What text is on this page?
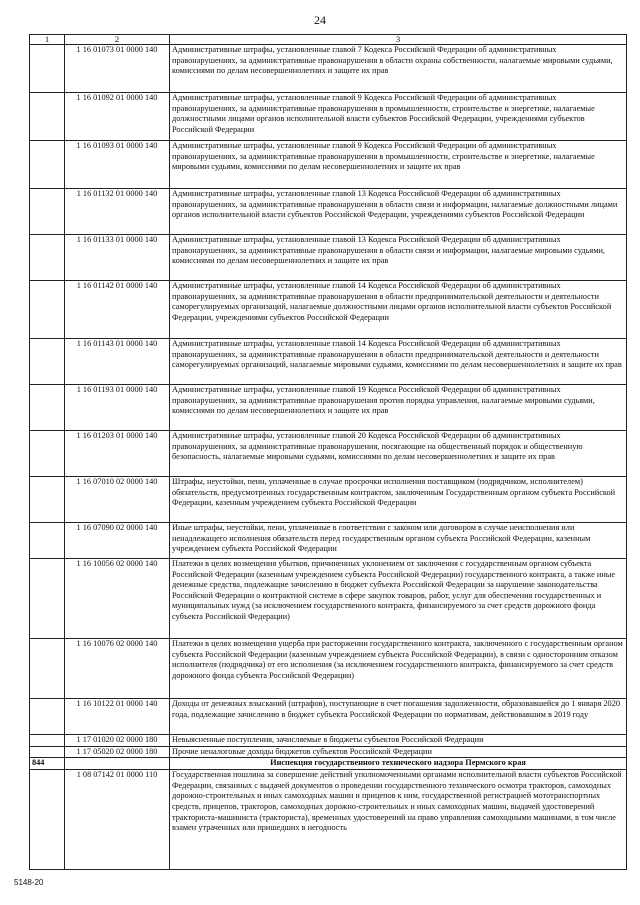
24
1	2	3
	1 16 01073 01 0000 140	Административные штрафы, установленные главой 7 Кодекса Российской Федерации об административных правонарушениях, за административные правонарушения в области охраны собственности, налагаемые мировыми судьями, комиссиями по делам несовершеннолетних и защите их прав
	1 16 01092 01 0000 140	Административные штрафы, установленные главой 9 Кодекса Российской Федерации об административных правонарушениях, за административные правонарушения в промышленности, строительстве и энергетике, налагаемые должностными лицами органов исполнительной власти субъектов Российской Федерации, учреждениями субъектов Российской Федерации
	1 16 01093 01 0000 140	Административные штрафы, установленные главой 9 Кодекса Российской Федерации об административных правонарушениях, за административные правонарушения в промышленности, строительстве и энергетике, налагаемые мировыми судьями, комиссиями по делам несовершеннолетних и защите их прав
	1 16 01132 01 0000 140	Административные штрафы, установленные главой 13 Кодекса Российской Федерации об административных правонарушениях, за административные правонарушения в области связи и информации, налагаемые должностными лицами органов исполнительной власти субъектов Российской Федерации, учреждениями субъектов Российской Федерации
	1 16 01133 01 0000 140	Административные штрафы, установленные главой 13 Кодекса Российской Федерации об административных правонарушениях, за административные правонарушения в области связи и информации, налагаемые мировыми судьями, комиссиями по делам несовершеннолетних и защите их прав
	1 16 01142 01 0000 140	Административные штрафы, установленные главой 14 Кодекса Российской Федерации об административных правонарушениях, за административные правонарушения в области предпринимательской деятельности и деятельности саморегулируемых организаций, налагаемые должностными лицами органов исполнительной власти субъектов Российской Федерации, учреждениями субъектов Российской Федерации
	1 16 01143 01 0000 140	Административные штрафы, установленные главой 14 Кодекса Российской Федерации об административных правонарушениях, за административные правонарушения в области предпринимательской деятельности и деятельности саморегулируемых организаций, налагаемые мировыми судьями, комиссиями по делам несовершеннолетних и защите их прав
	1 16 01193 01 0000 140	Административные штрафы, установленные главой 19 Кодекса Российской Федерации об административных правонарушениях, за административные правонарушения против порядка управления, налагаемые мировыми судьями, комиссиями по делам несовершеннолетних и защите их прав
	1 16 01203 01 0000 140	Административные штрафы, установленные главой 20 Кодекса Российской Федерации об административных правонарушениях, за административные правонарушения, посягающие на общественный порядок и общественную безопасность, налагаемые мировыми судьями, комиссиями по делам несовершеннолетних и защите их прав
	1 16 07010 02 0000 140	Штрафы, неустойки, пени, уплаченные в случае просрочки исполнения поставщиком (подрядчиком, исполнителем) обязательств, предусмотренных государственным контрактом, заключенным Государственным органом субъекта Российской Федерации, казенным учреждением субъекта Российской Федерации
	1 16 07090 02 0000 140	Иные штрафы, неустойки, пени, уплаченные в соответствии с законом или договором в случае неисполнения или ненадлежащего исполнения обязательств перед государственным органом субъекта Российской Федерации, казенным учреждением субъекта Российской Федерации
	1 16 10056 02 0000 140	Платежи в целях возмещения убытков, причиненных уклонением от заключения с государственным органом субъекта Российской Федерации (казенным учреждением субъекта Российской Федерации) государственного контракта, а также иные денежные средства, подлежащие зачислению в бюджет субъекта Российской Федерации за нарушение законодательства Российской Федерации о контрактной системе в сфере закупок товаров, работ, услуг для обеспечения государственных и муниципальных нужд (за исключением государственного контракта, финансируемого за счет средств дорожного фонда субъекта Российской Федерации)
	1 16 10076 02 0000 140	Платежи в целях возмещения ущерба при расторжении государственного контракта, заключенного с государственным органом субъекта Российской Федерации (казенным учреждением субъекта Российской Федерации), в связи с односторонним отказом исполнителя (подрядчика) от его исполнения (за исключением государственного контракта, финансируемого за счет средств дорожного фонда субъекта Российской Федерации)
	1 16 10122 01 0000 140	Доходы от денежных взысканий (штрафов), поступающие в счет погашения задолженности, образовавшейся до 1 января 2020 года, подлежащие зачислению в бюджет субъекта Российской Федерации по нормативам, действовавшим в 2019 году
	1 17 01020 02 0000 180	Невыясненные поступления, зачисляемые в бюджеты субъектов Российской Федерации
	1 17 05020 02 0000 180	Прочие неналоговые доходы бюджетов субъектов Российской Федерации
844		Инспекция государственного технического надзора Пермского края
	1 08 07142 01 0000 110	Государственная пошлина за совершение действий уполномоченными органами исполнительной власти субъектов Российской Федерации, связанных с выдачей документов о проведении государственного технического осмотра тракторов, самоходных дорожно-строительных и иных самоходных машин и прицепов к ним, государственной регистрацией мототранспортных средств, прицепов, тракторов, самоходных дорожно-строительных и иных самоходных машин, выдачей удостоверений тракториста-машиниста (тракториста), временных удостоверений на право управления самоходными машинами, в том числе взамен утраченных или пришедших в негодность
5148-20
